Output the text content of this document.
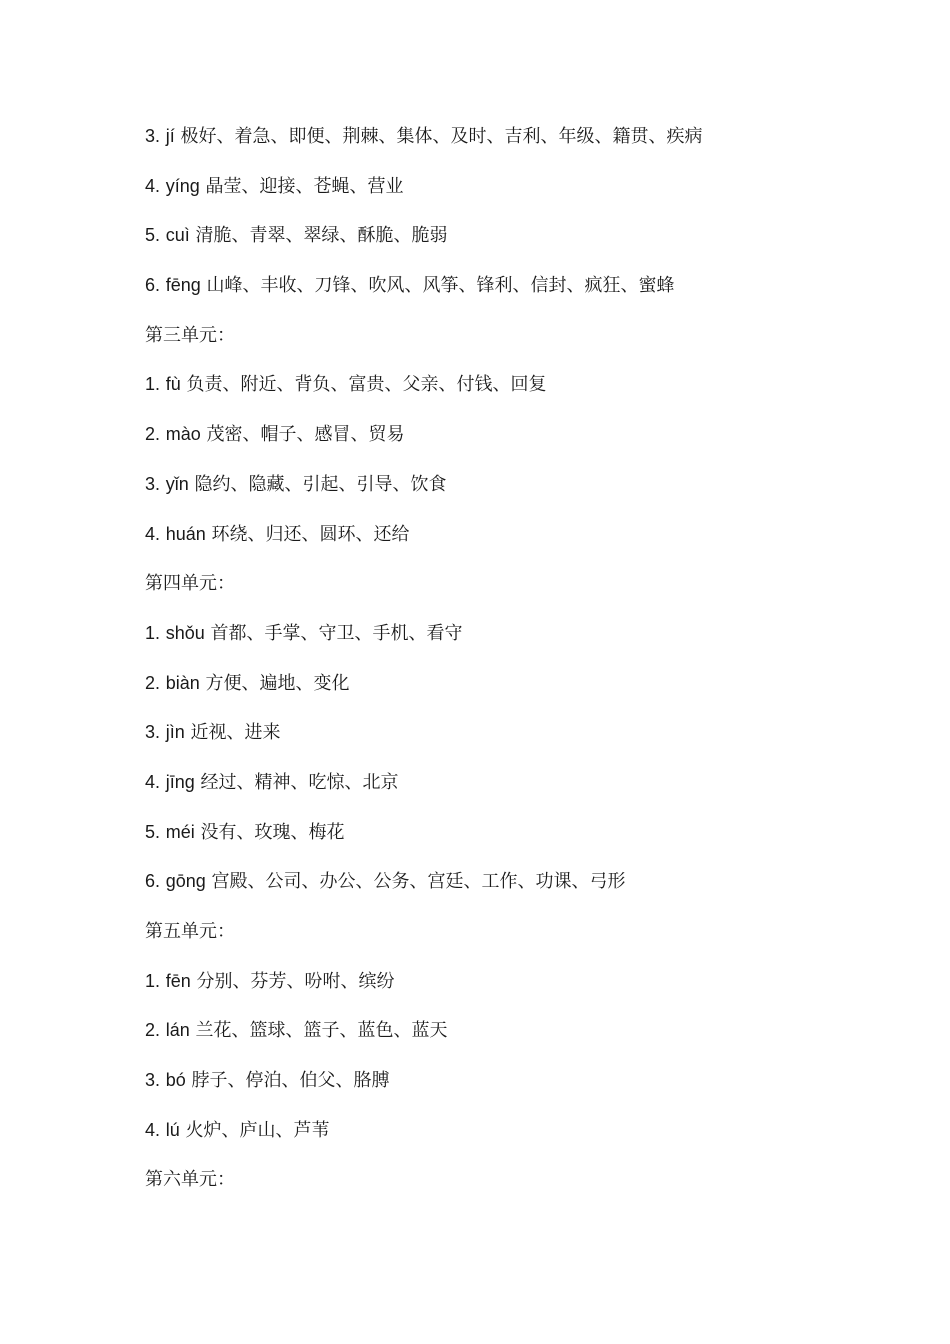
3. jí 极好、着急、即便、荆棘、集体、及时、吉利、年级、籍贯、疾病
4. yíng 晶莹、迎接、苍蝇、营业
5. cuì 清脆、青翠、翠绿、酥脆、脆弱
6. fēng 山峰、丰收、刀锋、吹风、风筝、锋利、信封、疯狂、蜜蜂
第三单元：
1. fù 负责、附近、背负、富贵、父亲、付钱、回复
2. mào 茂密、帽子、感冒、贸易
3. yǐn 隐约、隐藏、引起、引导、饮食
4. huán 环绕、归还、圆环、还给
第四单元：
1. shǒu 首都、手掌、守卫、手机、看守
2. biàn 方便、遍地、变化
3. jìn 近视、进来
4. jīng 经过、精神、吃惊、北京
5. méi 没有、玫瑰、梅花
6. gōng 宫殿、公司、办公、公务、宫廷、工作、功课、弓形
第五单元：
1. fēn 分别、芬芳、吩咐、缤纷
2. lán 兰花、篮球、篮子、蓝色、蓝天
3. bó 脖子、停泊、伯父、胳膊
4. lú 火炉、庐山、芦苇
第六单元：
